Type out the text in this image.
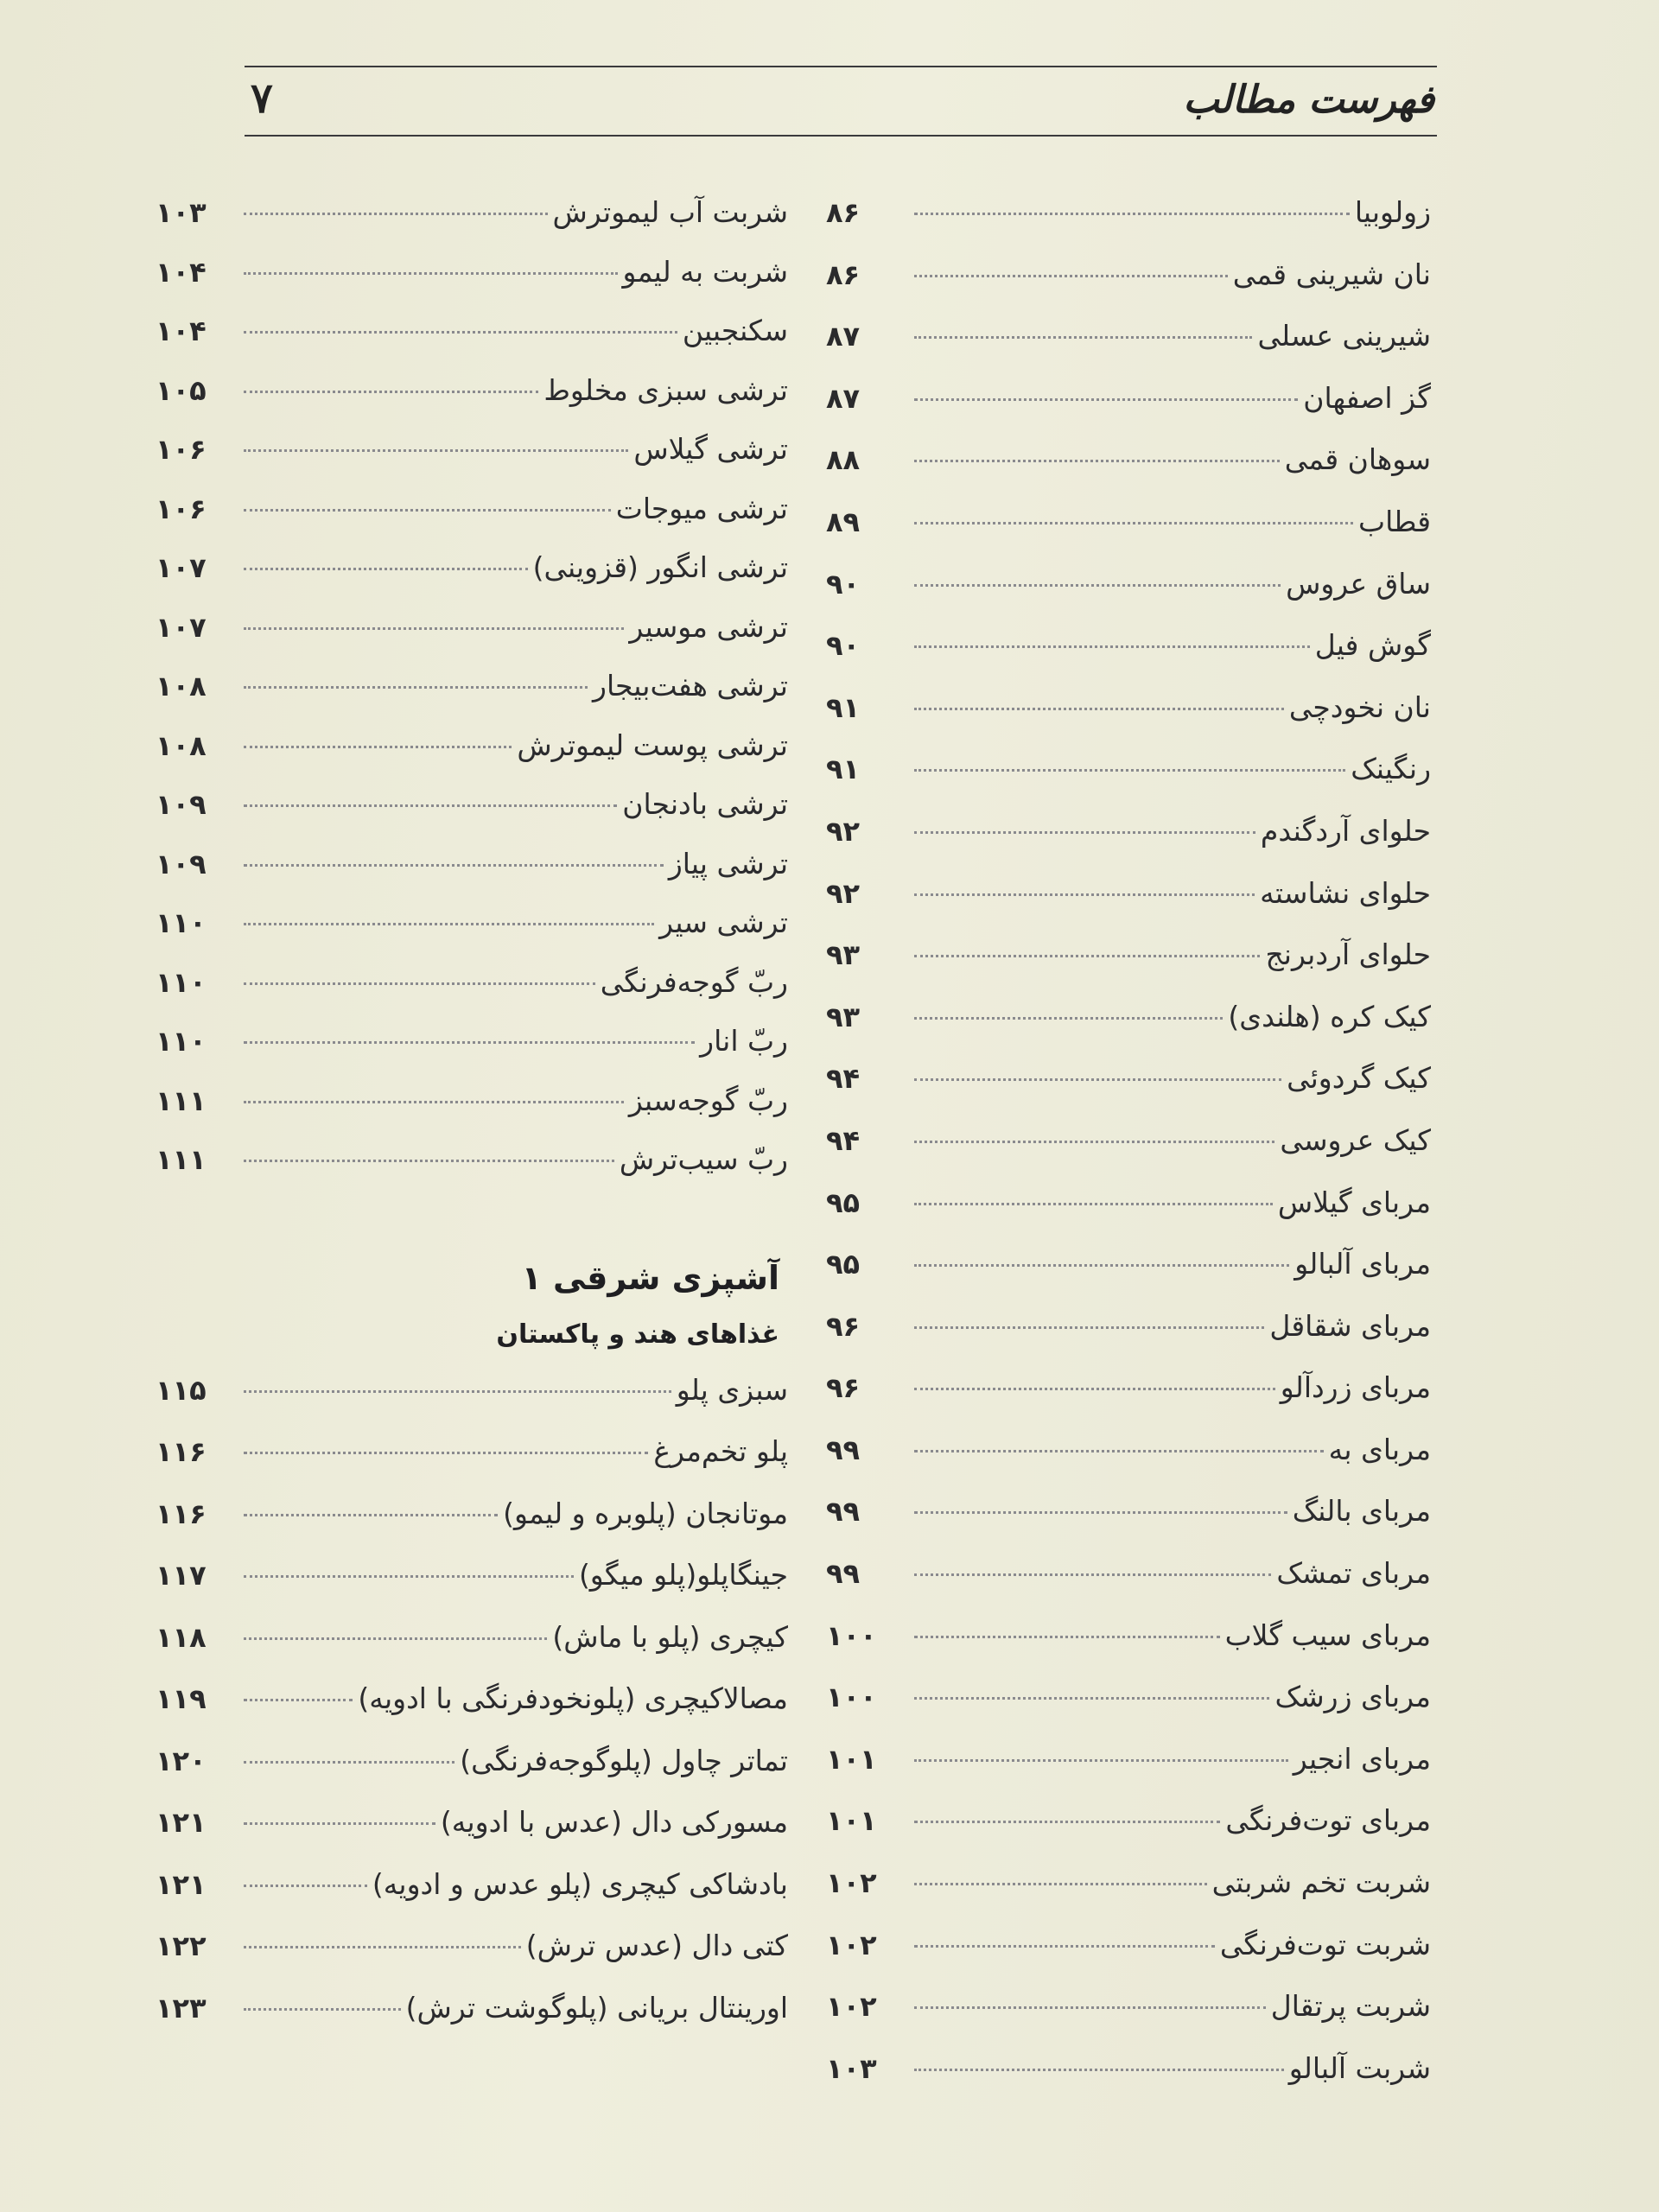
فهرست مطالب
۷
زولوبیا
۸۶
نان شیرینی قمی
۸۶
شیرینی عسلی
۸۷
گز اصفهان
۸۷
سوهان قمی
۸۸
قطاب
۸۹
ساق عروس
۹۰
گوش فیل
۹۰
نان نخودچی
۹۱
رنگینک
۹۱
حلوای آردگندم
۹۲
حلوای نشاسته
۹۲
حلوای آردبرنج
۹۳
کیک کره (هلندی)
۹۳
کیک گردوئی
۹۴
کیک عروسی
۹۴
مربای گیلاس
۹۵
مربای آلبالو
۹۵
مربای شقاقل
۹۶
مربای زردآلو
۹۶
مربای به
۹۹
مربای بالنگ
۹۹
مربای تمشک
۹۹
مربای سیب گلاب
۱۰۰
مربای زرشک
۱۰۰
مربای انجیر
۱۰۱
مربای توت‌فرنگی
۱۰۱
شربت تخم شربتی
۱۰۲
شربت توت‌فرنگی
۱۰۲
شربت پرتقال
۱۰۲
شربت آلبالو
۱۰۳
شربت آب لیموترش
۱۰۳
شربت به لیمو
۱۰۴
سکنجبین
۱۰۴
ترشی سبزی مخلوط
۱۰۵
ترشی گیلاس
۱۰۶
ترشی میوجات
۱۰۶
ترشی انگور (قزوینی)
۱۰۷
ترشی موسیر
۱۰۷
ترشی هفت‌بیجار
۱۰۸
ترشی پوست لیموترش
۱۰۸
ترشی بادنجان
۱۰۹
ترشی پیاز
۱۰۹
ترشی سیر
۱۱۰
ربّ گوجه‌فرنگی
۱۱۰
ربّ انار
۱۱۰
ربّ گوجه‌سبز
۱۱۱
ربّ سیب‌ترش
۱۱۱
آشپزی شرقی ۱
غذاهای هند و پاکستان
سبزی پلو
۱۱۵
پلو تخم‌مرغ
۱۱۶
موتانجان (پلوبره و لیمو)
۱۱۶
جینگاپلو(پلو میگو)
۱۱۷
کیچری (پلو با ماش)
۱۱۸
مصالاکیچری (پلونخودفرنگی با ادویه)
۱۱۹
تماتر چاول (پلوگوجه‌فرنگی)
۱۲۰
مسورکی دال (عدس با ادویه)
۱۲۱
بادشاکی کیچری (پلو عدس و ادویه)
۱۲۱
کتی دال (عدس ترش)
۱۲۲
اورینتال بریانی (پلوگوشت ترش)
۱۲۳
